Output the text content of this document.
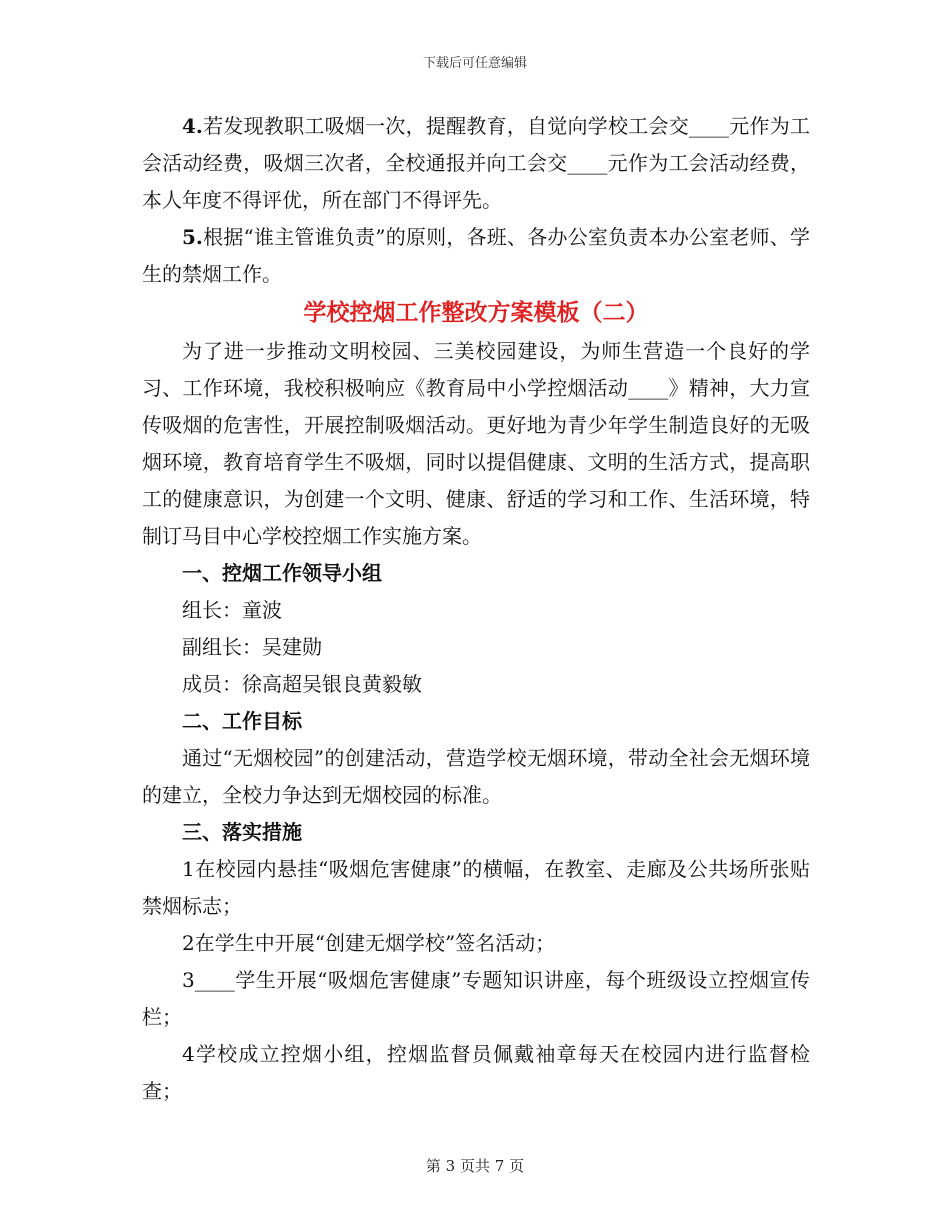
下载后可任意编辑

4.若发现教职工吸烟一次，提醒教育，自觉向学校工会交____元作为工会活动经费，吸烟三次者，全校通报并向工会交____元作为工会活动经费，本人年度不得评优，所在部门不得评先。

5.根据“谁主管谁负责”的原则，各班、各办公室负责本办公室老师、学生的禁烟工作。

学校控烟工作整改方案模板（二）

为了进一步推动文明校园、三美校园建设，为师生营造一个良好的学习、工作环境，我校积极响应《教育局中小学控烟活动____》精神，大力宣传吸烟的危害性，开展控制吸烟活动。更好地为青少年学生制造良好的无吸烟环境，教育培育学生不吸烟，同时以提倡健康、文明的生活方式，提高职工的健康意识，为创建一个文明、健康、舒适的学习和工作、生活环境，特制订马目中心学校控烟工作实施方案。

一、控烟工作领导小组

组长：童波

副组长：吴建勋

成员：徐高超吴银良黄毅敏

二、工作目标

通过“无烟校园”的创建活动，营造学校无烟环境，带动全社会无烟环境的建立，全校力争达到无烟校园的标准。

三、落实措施

1在校园内悬挂“吸烟危害健康”的横幅，在教室、走廊及公共场所张贴禁烟标志；

2在学生中开展“创建无烟学校”签名活动；

3____学生开展“吸烟危害健康”专题知识讲座，每个班级设立控烟宣传栏；

4学校成立控烟小组，控烟监督员佩戴袖章每天在校园内进行监督检查；

第 3 页共 7 页
